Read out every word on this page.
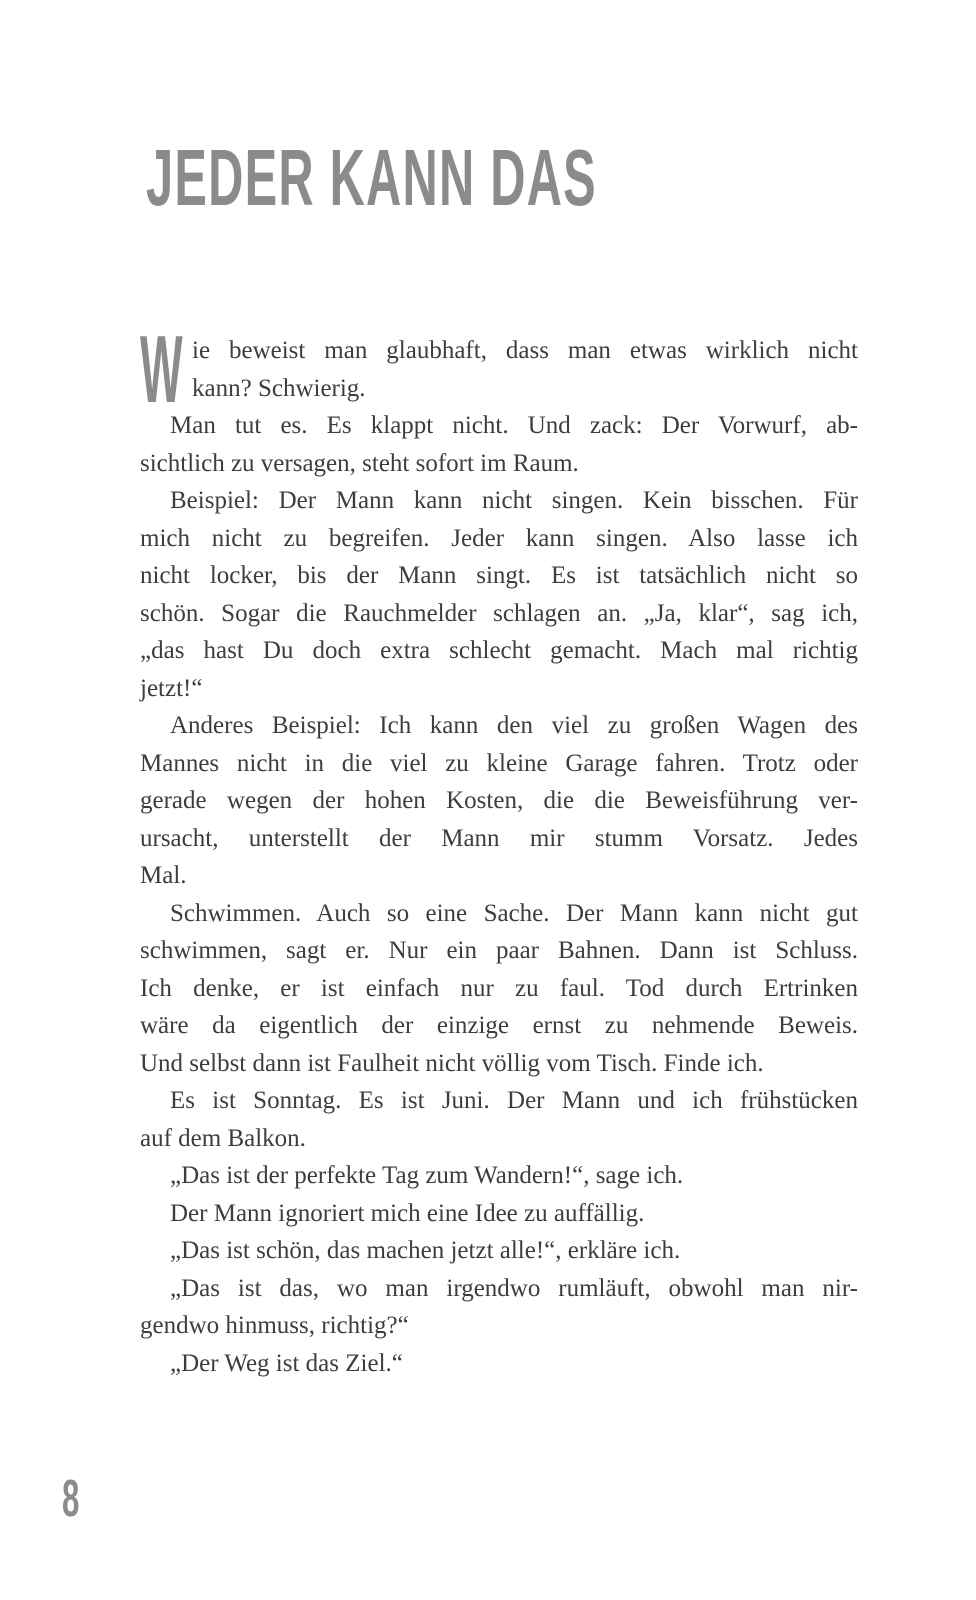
JEDER KANN DAS
W ie beweist man glaubhaft, dass man etwas wirklich nicht
kann? Schwierig.
Man tut es. Es klappt nicht. Und zack: Der Vorwurf, ab-
sichtlich zu versagen, steht sofort im Raum.
Beispiel: Der Mann kann nicht singen. Kein bisschen. Für
mich nicht zu begreifen. Jeder kann singen. Also lasse ich
nicht locker, bis der Mann singt. Es ist tatsächlich nicht so
schön. Sogar die Rauchmelder schlagen an. „Ja, klar“, sag ich,
„das hast Du doch extra schlecht gemacht. Mach mal richtig
jetzt!“
Anderes Beispiel: Ich kann den viel zu großen Wagen des
Mannes nicht in die viel zu kleine Garage fahren. Trotz oder
gerade wegen der hohen Kosten, die die Beweisführung ver-
ursacht, unterstellt der Mann mir stumm Vorsatz. Jedes
Mal.
Schwimmen. Auch so eine Sache. Der Mann kann nicht gut
schwimmen, sagt er. Nur ein paar Bahnen. Dann ist Schluss.
Ich denke, er ist einfach nur zu faul. Tod durch Ertrinken
wäre da eigentlich der einzige ernst zu nehmende Beweis.
Und selbst dann ist Faulheit nicht völlig vom Tisch. Finde ich.
Es ist Sonntag. Es ist Juni. Der Mann und ich frühstücken
auf dem Balkon.
„Das ist der perfekte Tag zum Wandern!“, sage ich.
Der Mann ignoriert mich eine Idee zu auffällig.
„Das ist schön, das machen jetzt alle!“, erkläre ich.
„Das ist das, wo man irgendwo rumläuft, obwohl man nir-
gendwo hinmuss, richtig?“
„Der Weg ist das Ziel.“
8
